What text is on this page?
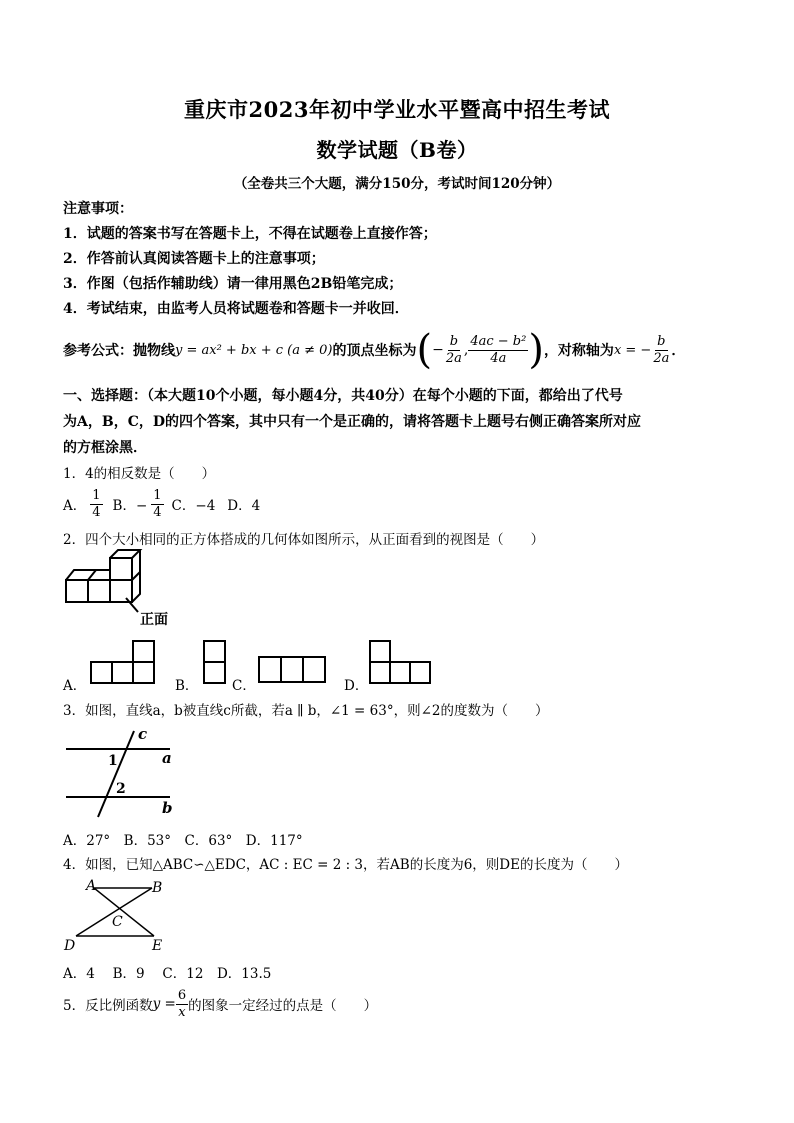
重庆市2023年初中学业水平暨高中招生考试
数学试题（B卷）
（全卷共三个大题，满分150分，考试时间120分钟）
注意事项：
1．试题的答案书写在答题卡上，不得在试题卷上直接作答；
2．作答前认真阅读答题卡上的注意事项；
3．作图（包括作辅助线）请一律用黑色2B铅笔完成；
4．考试结束，由监考人员将试题卷和答题卡一并收回．
参考公式：抛物线 y = ax² + bx + c (a ≠ 0) 的顶点坐标为 ( − $\frac{b}{2a}$ , $\frac{\text{4ac − b²}}{4a}$ ) ，对称轴为 x = − $\frac{b}{2a}$ ．
一、选择题：（本大题10个小题，每小题4分，共40分）在每个小题的下面，都给出了代号
为A，B，C，D的四个答案，其中只有一个是正确的，请将答题卡上题号右侧正确答案所对应
的方框涂黑．
1．4的相反数是（　　）
A． $\frac{1}{4}$ B．− $\frac{1}{4}$ C．−4 D．4
2．四个大小相同的正方体搭成的几何体如图所示，从正面看到的视图是（　　）
正面
A．	B． C．	D．
3．如图，直线a，b被直线c所截，若a ∥ b，∠1 = 63°，则∠2的度数为（　　）
c
a
b
1
2
A．27°　B．53°　C．63°　D．117°
4．如图，已知△ABC∽△EDC，AC : EC = 2 : 3，若AB的长度为6，则DE的长度为（　　）
A	B
C
D	E
A．4　 B．9　 C．12　D．13.5
5．反比例函数 $y = \frac{6}{x}$ 的图象一定经过的点是（　　）
